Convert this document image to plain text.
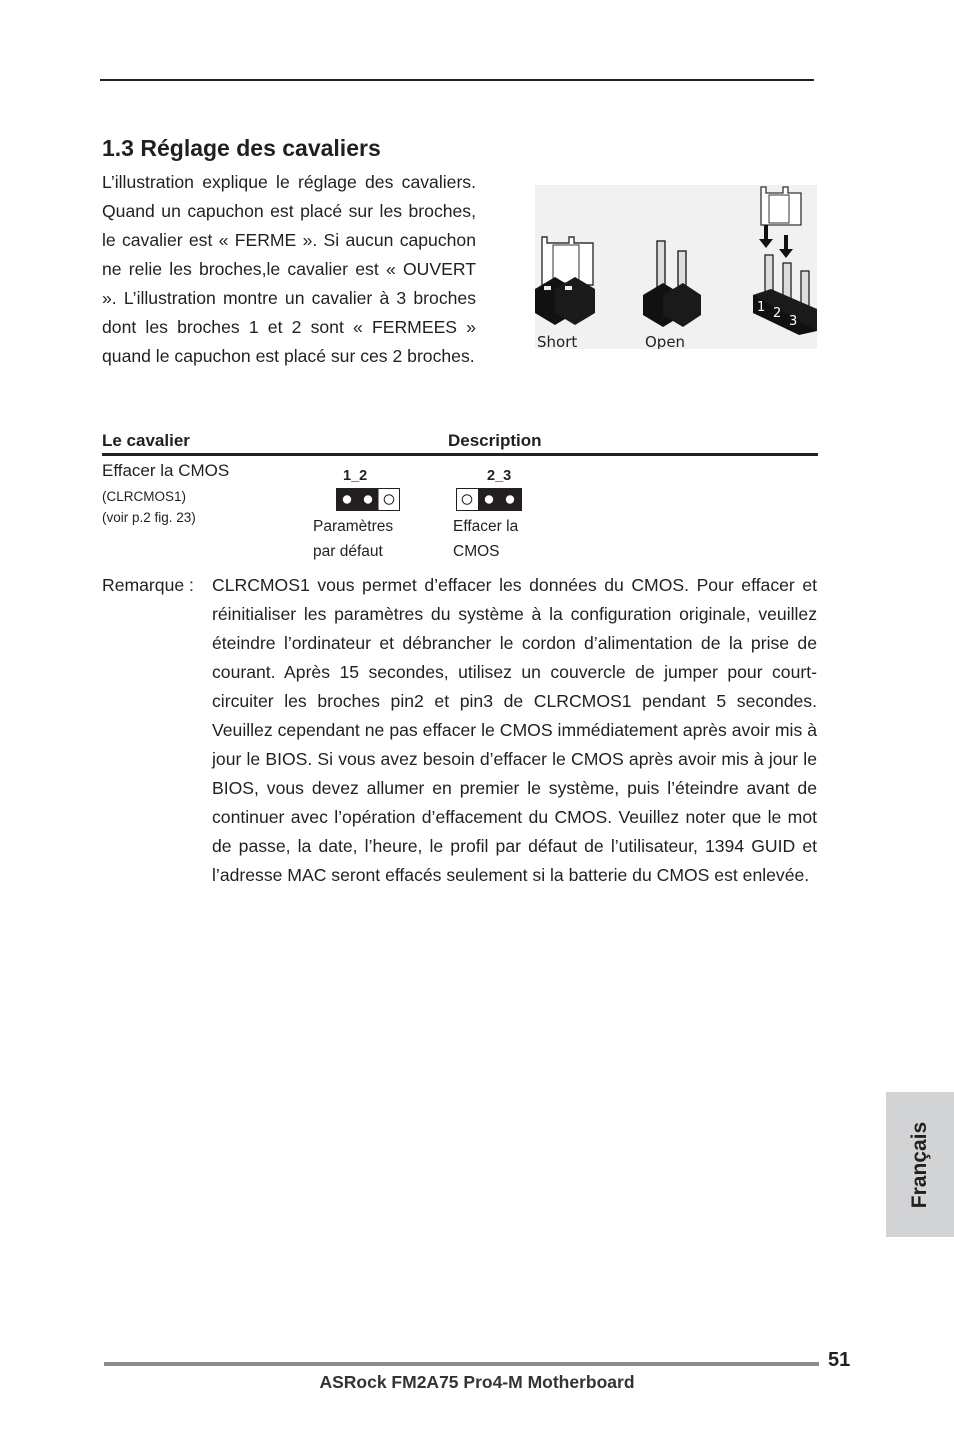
1.3 Réglage des cavaliers

L’illustration explique le réglage des cavaliers. Quand un capuchon est placé sur les broches, le cavalier est « FERME ». Si aucun capuchon ne relie les broches,le cavalier est « OUVERT ». L’illustration montre un cavalier à 3 broches dont les broches 1 et 2 sont « FERMEES » quand le capuchon est placé sur ces 2 broches.

Short	Open
1 2
3
Le cavalier	Description
Effacer la CMOS
(CLRCMOS1)
(voir p.2 fig. 23)
1_2
Paramètres
par défaut
2_3
Effacer la
CMOS
Remarque : CLRCMOS1 vous permet d’effacer les données du CMOS. Pour effacer et réinitialiser les paramètres du système à la configuration originale, veuillez éteindre l’ordinateur et débrancher le cordon d’alimentation de la prise de courant. Après 15 secondes, utilisez un couvercle de jumper pour court-circuiter les broches pin2 et pin3 de CLRCMOS1 pendant 5 secondes. Veuillez cependant ne pas effacer le CMOS immédiatement après avoir mis à jour le BIOS. Si vous avez besoin d’effacer le CMOS après avoir mis à jour le BIOS, vous devez allumer en premier le système, puis l’éteindre avant de continuer avec l’opération d’effacement du CMOS. Veuillez noter que le mot de passe, la date, l’heure, le profil par défaut de l’utilisateur, 1394 GUID et l’adresse MAC seront effacés seulement si la batterie du CMOS est enlevée.

Français
51
ASRock FM2A75 Pro4-M Motherboard
